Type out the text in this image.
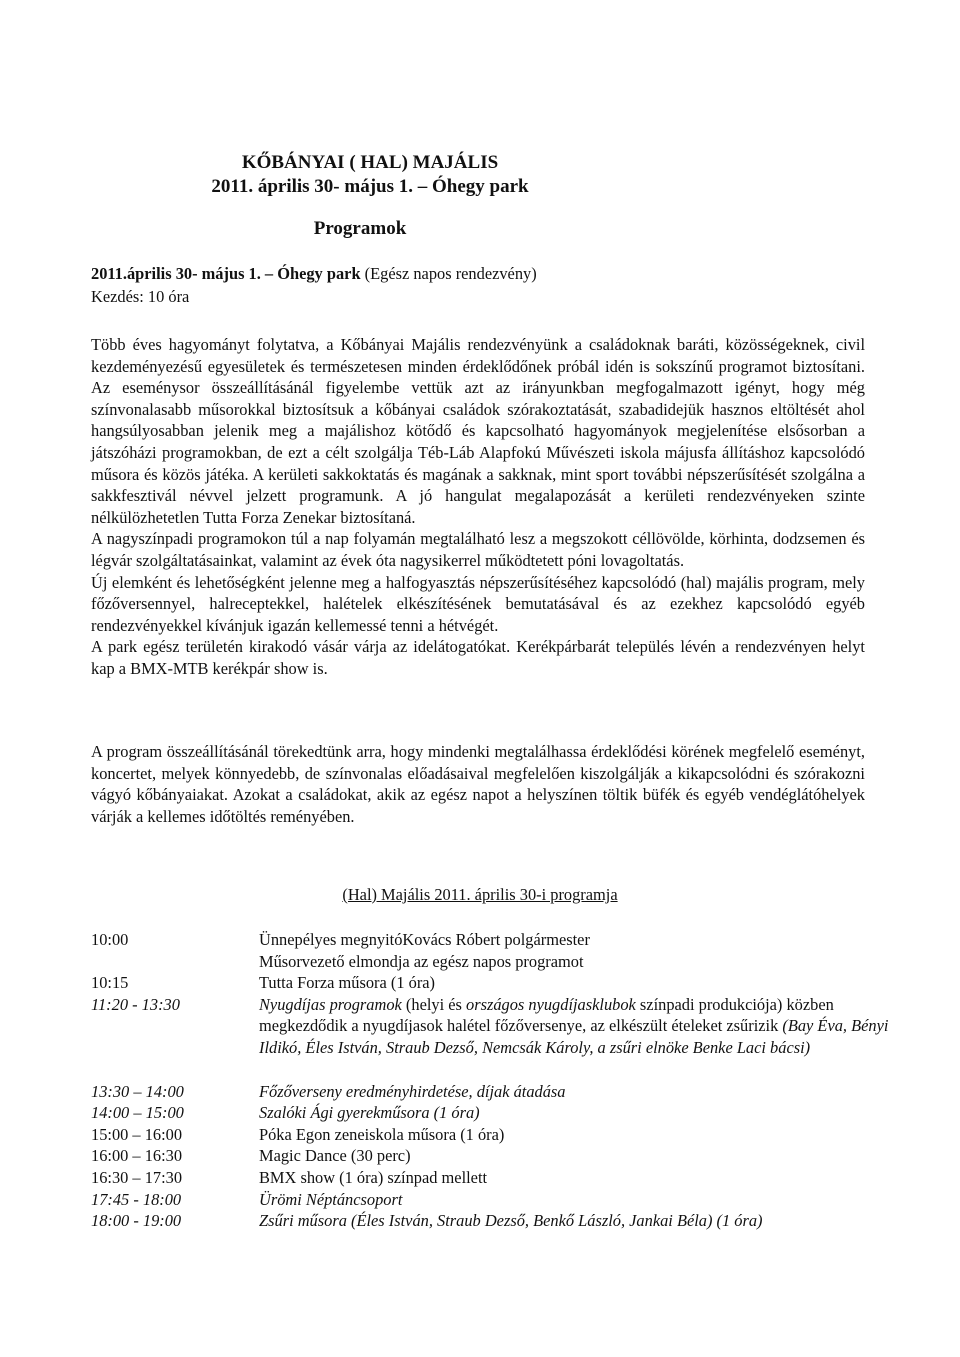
KŐBÁNYAI ( HAL) MAJÁLIS
2011. április 30- május 1. – Óhegy park
Programok
2011.április 30- május 1. – Óhegy park (Egész napos rendezvény)
Kezdés: 10 óra

Több éves hagyományt folytatva, a Kőbányai Majális rendezvényünk a családoknak baráti, közösségeknek, civil kezdeményezésű egyesületek és természetesen minden érdeklődőnek próbál idén is sokszínű programot biztosítani. Az eseménysor összeállításánál figyelembe vettük azt az irányunkban megfogalmazott igényt, hogy még színvonalasabb műsorokkal biztosítsuk a kőbányai családok szórakoztatását, szabadidejük hasznos eltöltését ahol hangsúlyosabban jelenik meg a majálishoz kötődő és kapcsolható hagyományok megjelenítése elsősorban a játszóházi programokban, de ezt a célt szolgálja Téb-Láb Alapfokú Művészeti iskola májusfa állításhoz kapcsolódó műsora és közös játéka. A kerületi sakkoktatás és magának a sakknak, mint sport további népszerűsítését szolgálna a sakkfesztivál névvel jelzett programunk. A jó hangulat megalapozását a kerületi rendezvényeken szinte nélkülözhetetlen Tutta Forza Zenekar biztosítaná.

A nagyszínpadi programokon túl a nap folyamán megtalálható lesz a megszokott céllövölde, körhinta, dodzsemen és légvár szolgáltatásainkat, valamint az évek óta nagysikerrel működtetett póni lovagoltatás.

Új elemként és lehetőségként jelenne meg a halfogyasztás népszerűsítéséhez kapcsolódó (hal) majális program, mely főzőversennyel, halreceptekkel, halételek elkészítésének bemutatásával és az ezekhez kapcsolódó egyéb rendezvényekkel kívánjuk igazán kellemessé tenni a hétvégét.

A park egész területén kirakodó vásár várja az idelátogatókat. Kerékpárbarát település lévén a rendezvényen helyt kap a BMX-MTB kerékpár show is.

A program összeállításánál törekedtünk arra, hogy mindenki megtalálhassa érdeklődési körének megfelelő eseményt, koncertet, melyek könnyedebb, de színvonalas előadásaival megfelelően kiszolgálják a kikapcsolódni és szórakozni vágyó kőbányaiakat. Azokat a családokat, akik az egész napot a helyszínen töltik büfék és egyéb vendéglátóhelyek várják a kellemes időtöltés reményében.

(Hal) Majális 2011. április 30-i programja
10:00	Ünnepélyes megnyitóKovács Róbert polgármester
Műsorvezető elmondja az egész napos programot
10:15	Tutta Forza műsora (1 óra)
11:20 - 13:30	Nyugdíjas programok (helyi és országos nyugdíjasklubok színpadi produkciója) közben megkezdődik a nyugdíjasok halétel főzőversenye, az elkészült ételeket zsűrizik (Bay Éva, Bényi Ildikó, Éles István, Straub Dezső, Nemcsák Károly, a zsűri elnöke Benke Laci bácsi)
13:30 – 14:00	Főzőverseny eredményhirdetése, díjak átadása
14:00 – 15:00	Szalóki Ági gyerekműsora (1 óra)
15:00 – 16:00	Póka Egon zeneiskola műsora (1 óra)
16:00 – 16:30	Magic Dance (30 perc)
16:30 – 17:30	BMX show (1 óra) színpad mellett
17:45 - 18:00	Ürömi Néptáncsoport
18:00 - 19:00	Zsűri műsora (Éles István, Straub Dezső, Benkő László, Jankai Béla) (1 óra)
